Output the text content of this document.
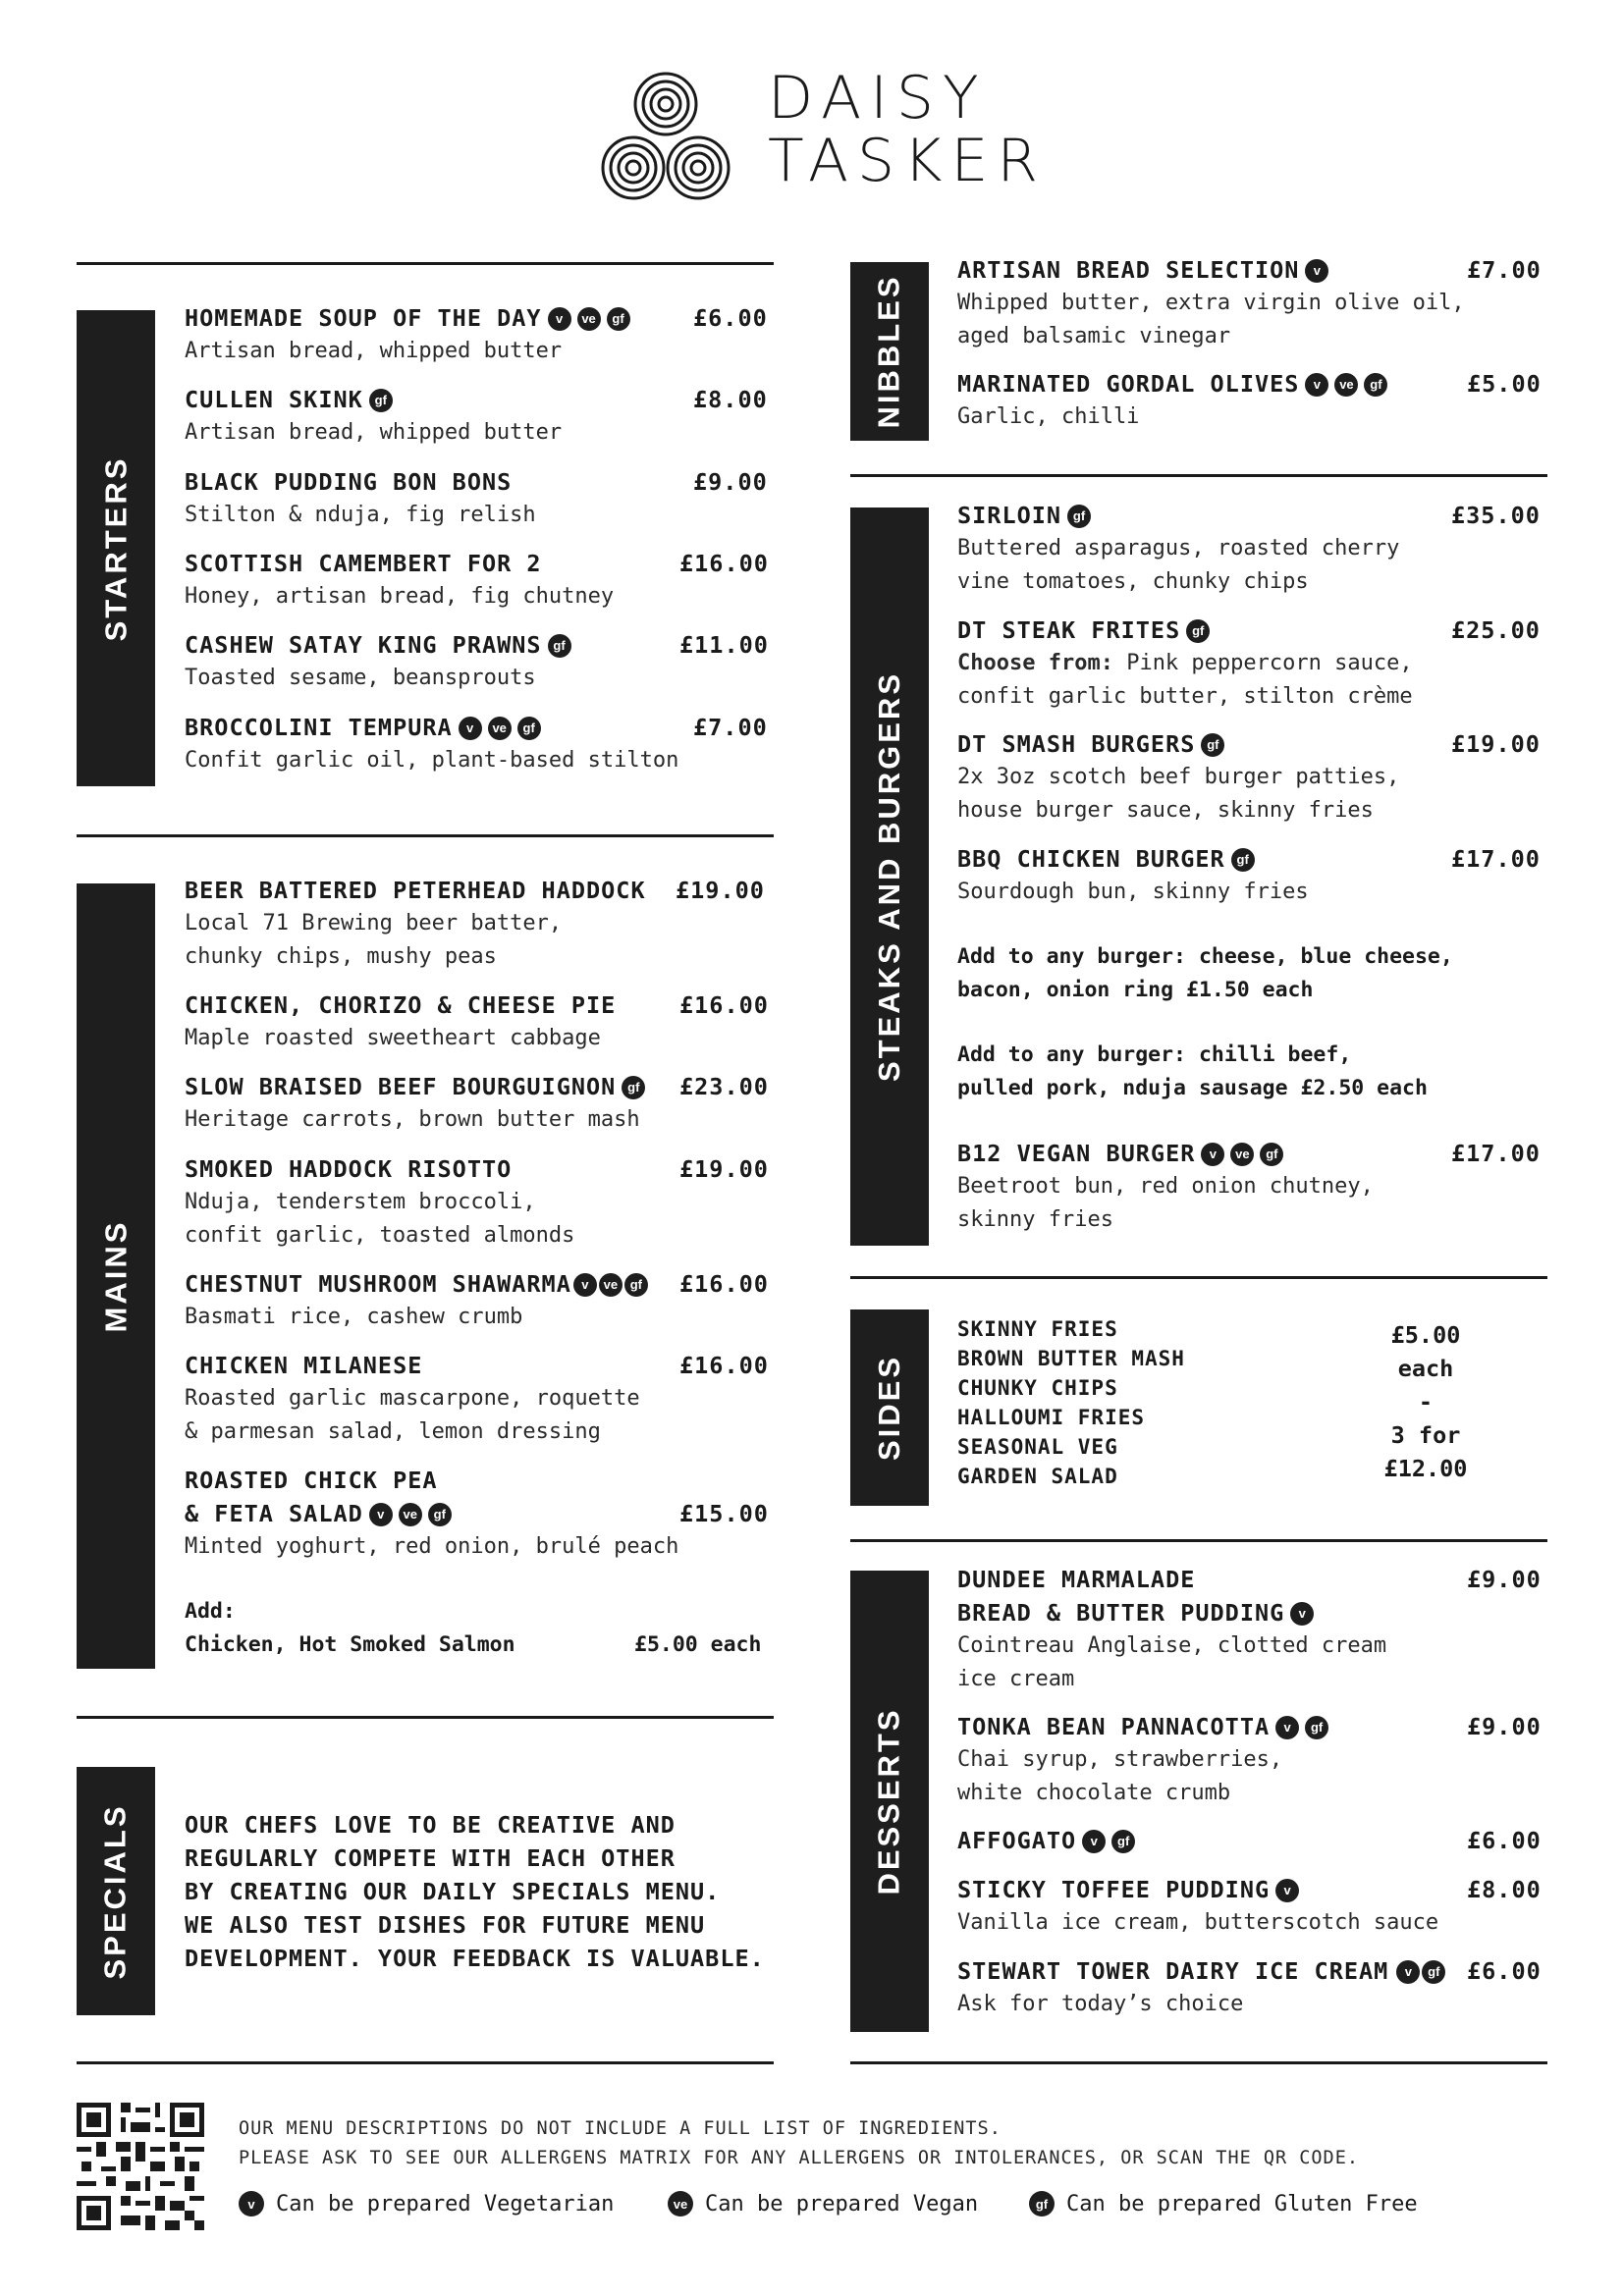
DAISY
TASKER
STARTERS
MAINS
SPECIALS
NIBBLES
STEAKS AND BURGERS
SIDES
DESSERTS
HOMEMADE SOUP OF THE DAY v ve gf
Artisan bread, whipped butter
£6.00
CULLEN SKINK gf
Artisan bread, whipped butter
£8.00
BLACK PUDDING BON BONS
Stilton & nduja, fig relish
£9.00
SCOTTISH CAMEMBERT FOR 2
Honey, artisan bread, fig chutney
£16.00
CASHEW SATAY KING PRAWNS gf
Toasted sesame, beansprouts
£11.00
BROCCOLINI TEMPURA v ve gf
Confit garlic oil, plant-based stilton
£7.00
BEER BATTERED PETERHEAD HADDOCK
Local 71 Brewing beer batter,
chunky chips, mushy peas
£19.00
CHICKEN, CHORIZO & CHEESE PIE
Maple roasted sweetheart cabbage
£16.00
SLOW BRAISED BEEF BOURGUIGNON gf
Heritage carrots, brown butter mash
£23.00
SMOKED HADDOCK RISOTTO
Nduja, tenderstem broccoli,
confit garlic, toasted almonds
£19.00
CHESTNUT MUSHROOM SHAWARMA v ve gf
Basmati rice, cashew crumb
£16.00
CHICKEN MILANESE
Roasted garlic mascarpone, roquette
& parmesan salad, lemon dressing
£16.00
ROASTED CHICK PEA
& FETA SALAD v ve gf
Minted yoghurt, red onion, brulé peach
£15.00
Add:
Chicken, Hot Smoked Salmon	£5.00 each
OUR CHEFS LOVE TO BE CREATIVE AND
REGULARLY COMPETE WITH EACH OTHER
BY CREATING OUR DAILY SPECIALS MENU.
WE ALSO TEST DISHES FOR FUTURE MENU
DEVELOPMENT. YOUR FEEDBACK IS VALUABLE.
ARTISAN BREAD SELECTION v
Whipped butter, extra virgin olive oil,
aged balsamic vinegar
£7.00
MARINATED GORDAL OLIVES v ve gf
Garlic, chilli
£5.00
SIRLOIN gf
Buttered asparagus, roasted cherry
vine tomatoes, chunky chips
£35.00
DT STEAK FRITES gf
Choose from: Pink peppercorn sauce,
confit garlic butter, stilton crème
£25.00
DT SMASH BURGERS gf
2x 3oz scotch beef burger patties,
house burger sauce, skinny fries
£19.00
BBQ CHICKEN BURGER gf
Sourdough bun, skinny fries
£17.00
Add to any burger: cheese, blue cheese,
bacon, onion ring £1.50 each
Add to any burger: chilli beef,
pulled pork, nduja sausage £2.50 each
B12 VEGAN BURGER v ve gf
Beetroot bun, red onion chutney,
skinny fries
£17.00
SKINNY FRIES
BROWN BUTTER MASH
CHUNKY CHIPS
HALLOUMI FRIES
SEASONAL VEG
GARDEN SALAD
£5.00
each
-
3 for
£12.00
DUNDEE MARMALADE
BREAD & BUTTER PUDDING v
Cointreau Anglaise, clotted cream
ice cream
£9.00
TONKA BEAN PANNACOTTA v gf
Chai syrup, strawberries,
white chocolate crumb
£9.00
AFFOGATO v gf	£6.00
STICKY TOFFEE PUDDING v
Vanilla ice cream, butterscotch sauce
£8.00
STEWART TOWER DAIRY ICE CREAM v gf
Ask for today’s choice
£6.00
OUR MENU DESCRIPTIONS DO NOT INCLUDE A FULL LIST OF INGREDIENTS.
PLEASE ASK TO SEE OUR ALLERGENS MATRIX FOR ANY ALLERGENS OR INTOLERANCES, OR SCAN THE QR CODE.
v Can be prepared Vegetarian	ve Can be prepared Vegan	gf Can be prepared Gluten Free
